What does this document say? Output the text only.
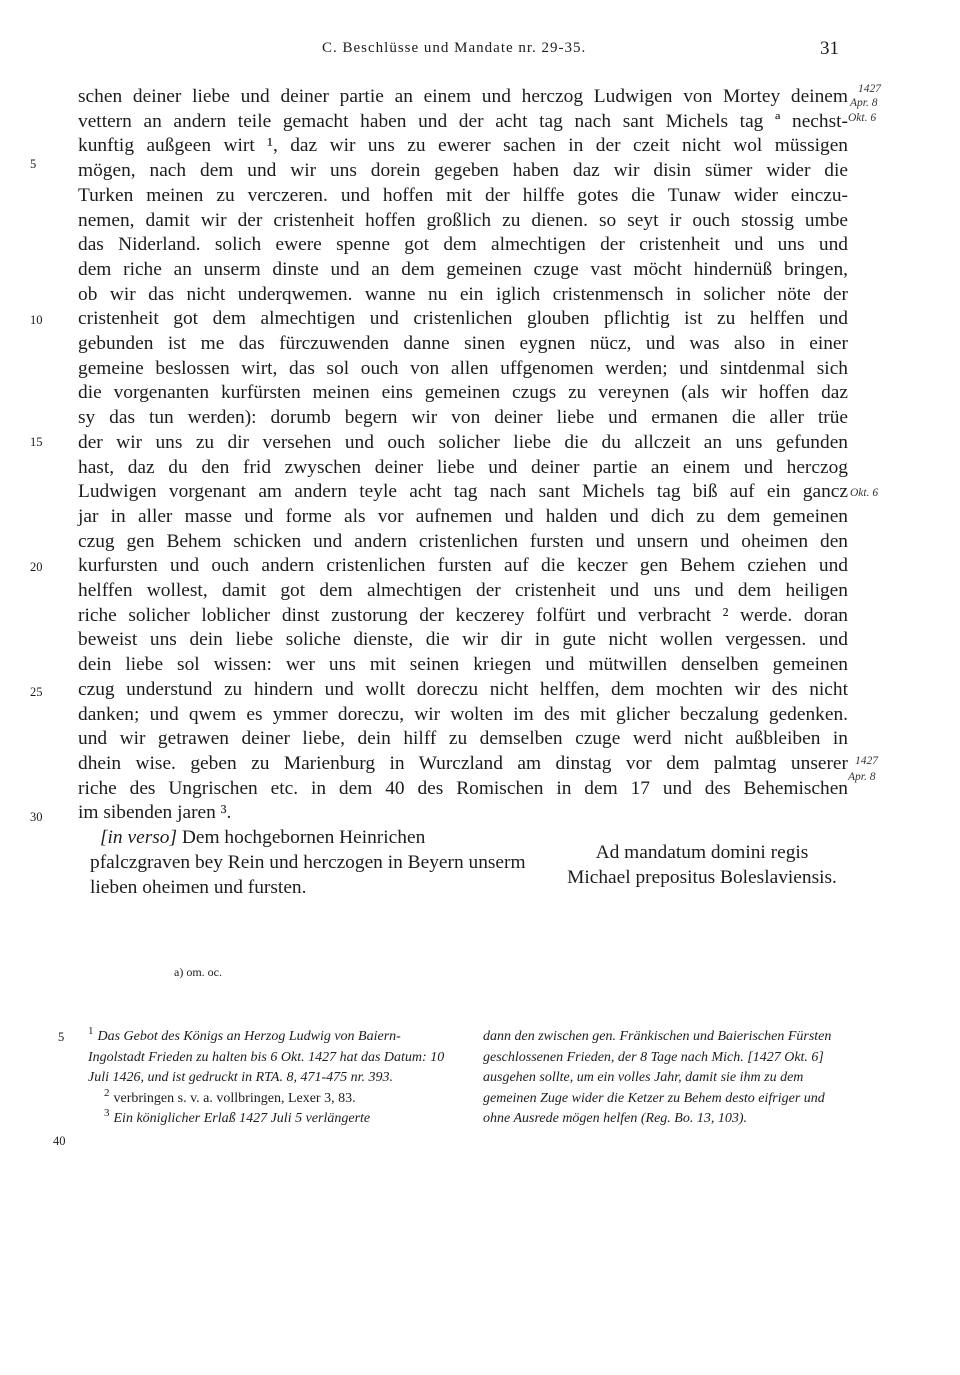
C. Beschlüsse und Mandate nr. 29-35.	31
schen deiner liebe und deiner partie an einem und herczog Ludwigen von Mortey deinem
vettern an andern teile gemacht haben und der acht tag nach sant Michels tag ª nechst-
kunftig außgeen wirt ¹, daz wir uns zu ewerer sachen in der czeit nicht wol müssigen
mögen, nach dem und wir uns dorein gegeben haben daz wir disin sümer wider die
Turken meinen zu verczeren. und hoffen mit der hilffe gotes die Tunaw wider einczu-
nemen, damit wir der cristenheit hoffen großlich zu dienen. so seyt ir ouch stossig umbe
das Niderland. solich ewere spenne got dem almechtigen der cristenheit und uns und
dem riche an unserm dinste und an dem gemeinen czuge vast möcht hindernüß bringen,
ob wir das nicht underqwemen. wanne nu ein iglich cristenmensch in solicher nöte der
cristenheit got dem almechtigen und cristenlichen glouben pflichtig ist zu helffen und
gebunden ist me das fürczuwenden danne sinen eygnen nücz, und was also in einer
gemeine beslossen wirt, das sol ouch von allen uffgenomen werden; und sintdenmal sich
die vorgenanten kurfürsten meinen eins gemeinen czugs zu vereynen (als wir hoffen daz
sy das tun werden): dorumb begern wir von deiner liebe und ermanen die aller trüe
der wir uns zu dir versehen und ouch solicher liebe die du allczeit an uns gefunden
hast, daz du den frid zwyschen deiner liebe und deiner partie an einem und herczog
Ludwigen vorgenant am andern teyle acht tag nach sant Michels tag biß auf ein gancz
jar in aller masse und forme als vor aufnemen und halden und dich zu dem gemeinen
czug gen Behem schicken und andern cristenlichen fursten und unsern und oheimen den
kurfursten und ouch andern cristenlichen fursten auf die keczer gen Behem cziehen und
helffen wollest, damit got dem almechtigen der cristenheit und uns und dem heiligen
riche solicher loblicher dinst zustorung der keczerey folfürt und verbracht ² werde. doran
beweist uns dein liebe soliche dienste, die wir dir in gute nicht wollen vergessen. und
dein liebe sol wissen: wer uns mit seinen kriegen und mütwillen denselben gemeinen
czug understund zu hindern und wollt doreczu nicht helffen, dem mochten wir des nicht
danken; und qwem es ymmer doreczu, wir wolten im des mit glicher beczalung gedenken.
und wir getrawen deiner liebe, dein hilff zu demselben czuge werd nicht außbleiben in
dhein wise. geben zu Marienburg in Wurczland am dinstag vor dem palmtag unserer
riche des Ungrischen etc. in dem 40 des Romischen in dem 17 und des Behemischen
im sibenden jaren ³.
5
10
15
20
25
30
1427
Apr. 8
Okt. 6
Okt. 6
1427
Apr. 8
[in verso] Dem hochgebornen Heinrichen pfalczgraven bey Rein und herczogen in Beyern unserm lieben oheimen und fursten.
Ad mandatum domini regis
Michael prepositus Boleslaviensis.
a) om. oc.
5
40
$^1$ Das Gebot des Königs an Herzog Ludwig von Baiern-Ingolstadt Frieden zu halten bis 6 Okt. 1427 hat das Datum: 10 Juli 1426, und ist gedruckt in RTA. 8, 471-475 nr. 393.
$^2$ verbringen s. v. a. vollbringen, Lexer 3, 83.
$^3$ Ein königlicher Erlaß 1427 Juli 5 verlängerte
dann den zwischen gen. Fränkischen und Baierischen Fürsten geschlossenen Frieden, der 8 Tage nach Mich. [1427 Okt. 6] ausgehen sollte, um ein volles Jahr, damit sie ihm zu dem gemeinen Zuge wider die Ketzer zu Behem desto eifriger und ohne Ausrede mögen helfen (Reg. Bo. 13, 103).
